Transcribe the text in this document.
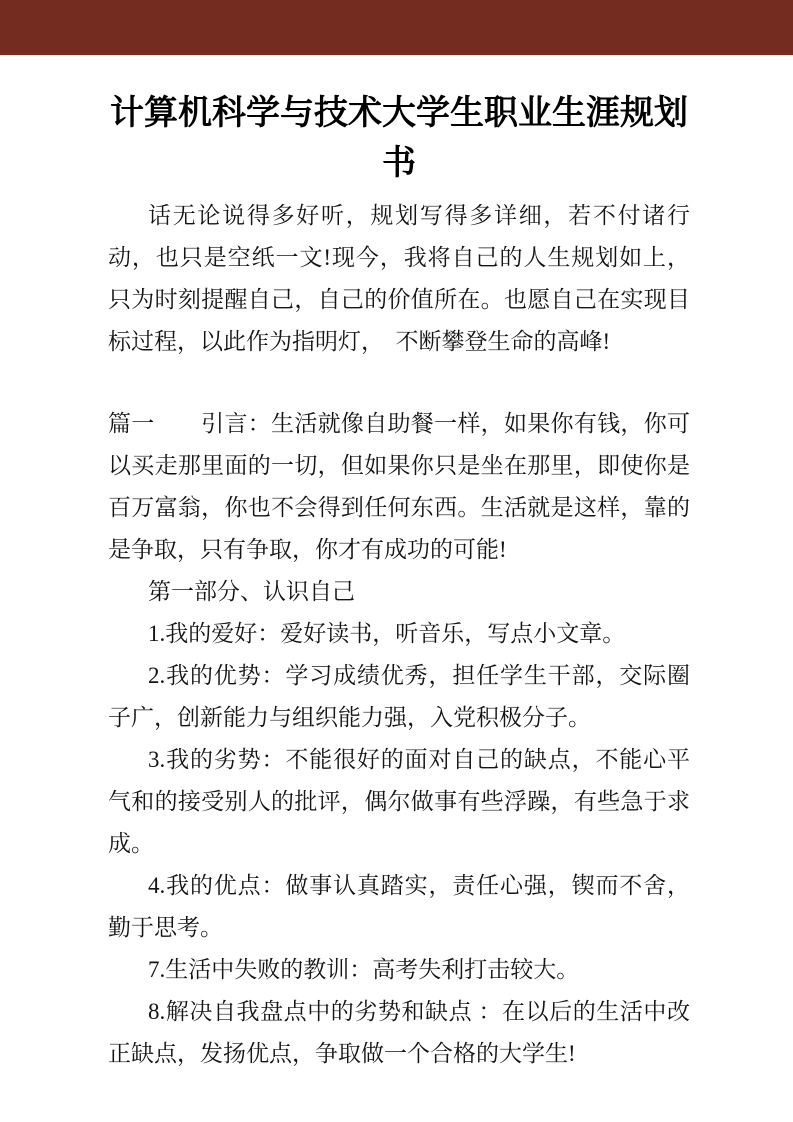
计算机科学与技术大学生职业生涯规划
书

话无论说得多好听，规划写得多详细，若不付诸行动，也只是空纸一文!现今，我将自己的人生规划如上，只为时刻提醒自己，自己的价值所在。也愿自己在实现目标过程，以此作为指明灯，　不断攀登生命的高峰!

篇一　　引言：生活就像自助餐一样，如果你有钱，你可以买走那里面的一切，但如果你只是坐在那里，即使你是百万富翁，你也不会得到任何东西。生活就是这样，靠的是争取，只有争取，你才有成功的可能!

第一部分、认识自己

1.我的爱好：爱好读书，听音乐，写点小文章。

2.我的优势：学习成绩优秀，担任学生干部，交际圈子广，创新能力与组织能力强，入党积极分子。

3.我的劣势：不能很好的面对自己的缺点，不能心平气和的接受别人的批评，偶尔做事有些浮躁，有些急于求成。

4.我的优点：做事认真踏实，责任心强，锲而不舍，勤于思考。

7.生活中失败的教训：高考失利打击较大。

8.解决自我盘点中的劣势和缺点 ：在以后的生活中改正缺点，发扬优点，争取做一个合格的大学生!
